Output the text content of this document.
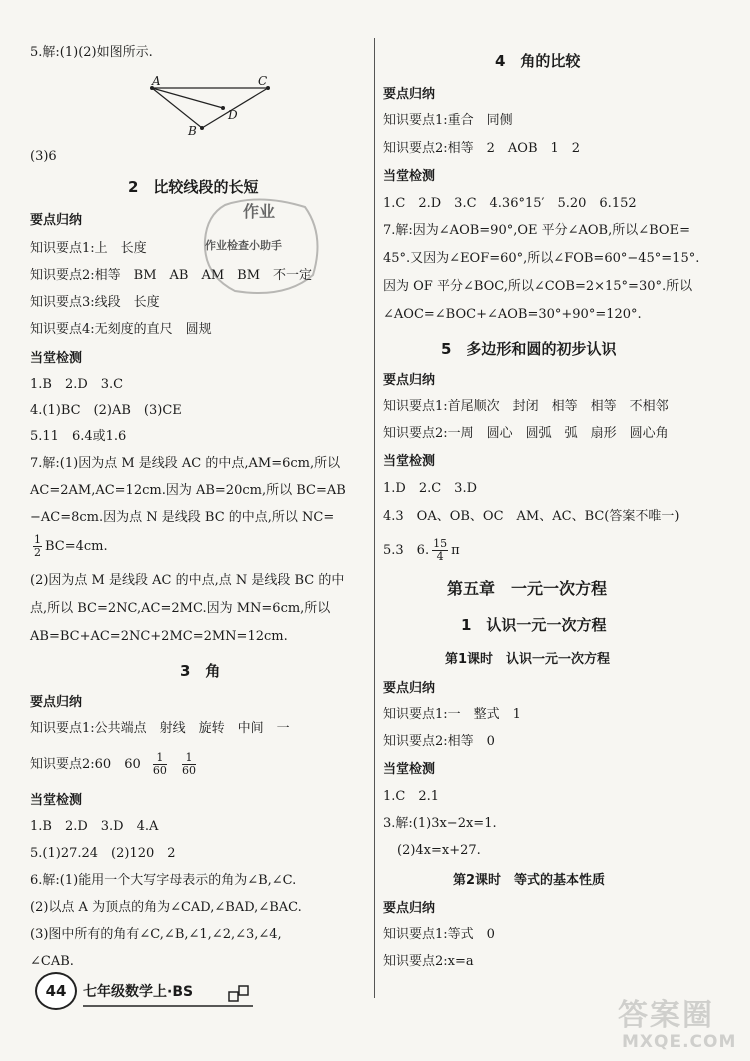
5.解:(1)(2)如图所示.
A	C
B
D
(3)6
2　比较线段的长短
要点归纳
知识要点1:上　长度
知识要点2:相等　BM　AB　AM　BM　不一定
知识要点3:线段　长度
知识要点4:无刻度的直尺　圆规
当堂检测
1.B　2.D　3.C
4.(1)BC　(2)AB　(3)CE
5.11　6.4或1.6
7.解:(1)因为点 M 是线段 AC 的中点,AM=6cm,所以
AC=2AM,AC=12cm.因为 AB=20cm,所以 BC=AB
−AC=8cm.因为点 N 是线段 BC 的中点,所以 NC=
$\frac{1}{2} BC=4cm$.
(2)因为点 M 是线段 AC 的中点,点 N 是线段 BC 的中
点,所以 BC=2NC,AC=2MC.因为 MN=6cm,所以
AB=BC+AC=2NC+2MC=2MN=12cm.
3　角
要点归纳
知识要点1:公共端点　射线　旋转　中间　一
知识要点2:60　$60 \frac{1}{60}$
$\frac{1}{60}$
当堂检测
1.B　2.D　3.D　4.A
5.(1)27.24　(2)120　2
6.解:(1)能用一个大写字母表示的角为∠B,∠C.
(2)以点 A 为顶点的角为∠CAD,∠BAD,∠BAC.
(3)图中所有的角有∠C,∠B,∠1,∠2,∠3,∠4,
∠CAB.
作业
作业检查小助手
4　角的比较
要点归纳
知识要点1:重合　同侧
知识要点2:相等　2　AOB　1　2
当堂检测
1.C　2.D　3.C　4.36°15′　5.20　6.152
7.解:因为∠AOB=90°,OE 平分∠AOB,所以∠BOE=
45°.又因为∠EOF=60°,所以∠FOB=60°−45°=15°.
因为 OF 平分∠BOC,所以∠COB=2×15°=30°.所以
∠AOC=∠BOC+∠AOB=30°+90°=120°.
5　多边形和圆的初步认识
要点归纳
知识要点1:首尾顺次　封闭　相等　相等　不相邻
知识要点2:一周　圆心　圆弧　弧　扇形　圆心角
当堂检测
1.D　2.C　3.D
4.3　OA、OB、OC　AM、AC、BC(答案不唯一)
5.3　6. $\frac{15}{4}$ π
第五章　一元一次方程
1　认识一元一次方程
第1课时　认识一元一次方程
要点归纳
知识要点1:一　整式　1
知识要点2:相等　0
当堂检测
1.C　2.1
3.解:(1)3x−2x=1.
(2)4x=x+27.
第2课时　等式的基本性质
要点归纳
知识要点1:等式　0
知识要点2:x=a
44	七年级数学上·BS
答案圈
MXQE.COM
